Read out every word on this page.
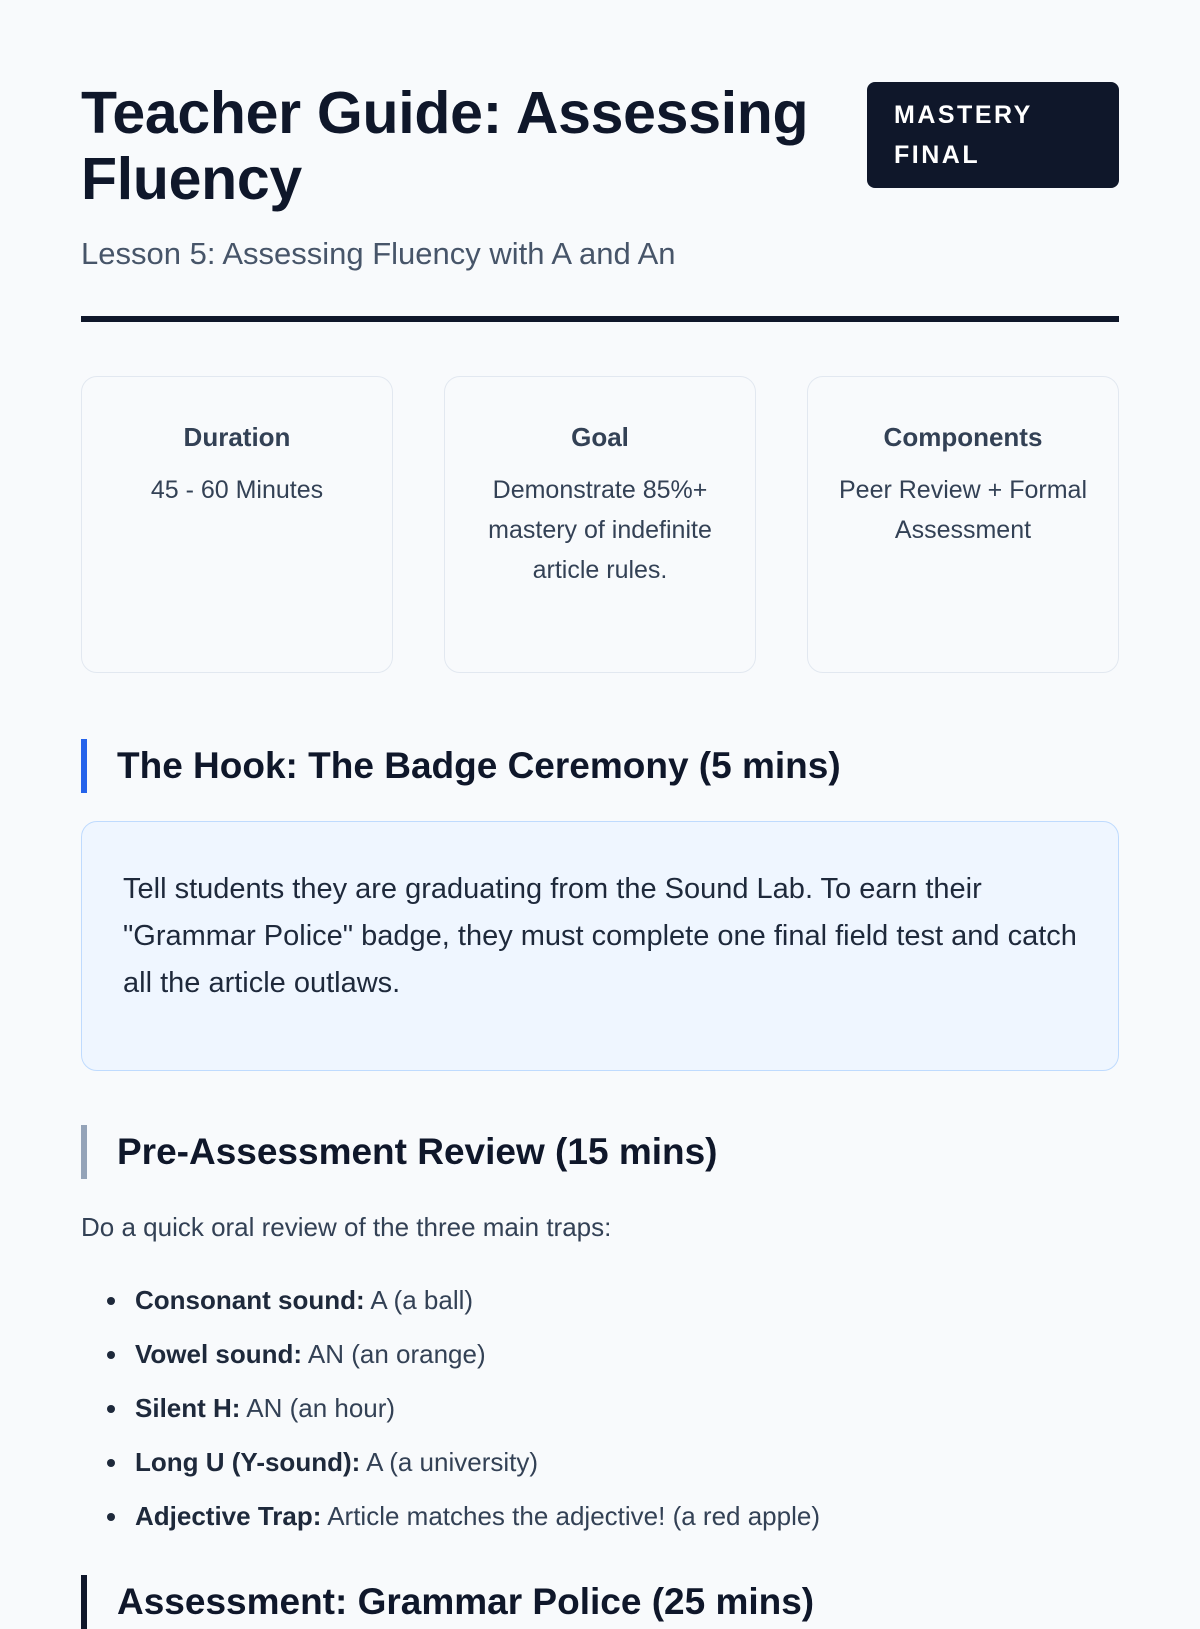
Teacher Guide: Assessing Fluency
MASTERY
FINAL
Lesson 5: Assessing Fluency with A and An
Duration
45 - 60 Minutes
Goal
Demonstrate 85%+ mastery of indefinite article rules.
Components
Peer Review + Formal Assessment
The Hook: The Badge Ceremony (5 mins)

Tell students they are graduating from the Sound Lab. To earn their "Grammar Police" badge, they must complete one final field test and catch all the article outlaws.

Pre-Assessment Review (15 mins)

Do a quick oral review of the three main traps:

Consonant sound: A (a ball)
Vowel sound: AN (an orange)
Silent H: AN (an hour)
Long U (Y-sound): A (a university)
Adjective Trap: Article matches the adjective! (a red apple)
Assessment: Grammar Police (25 mins)
